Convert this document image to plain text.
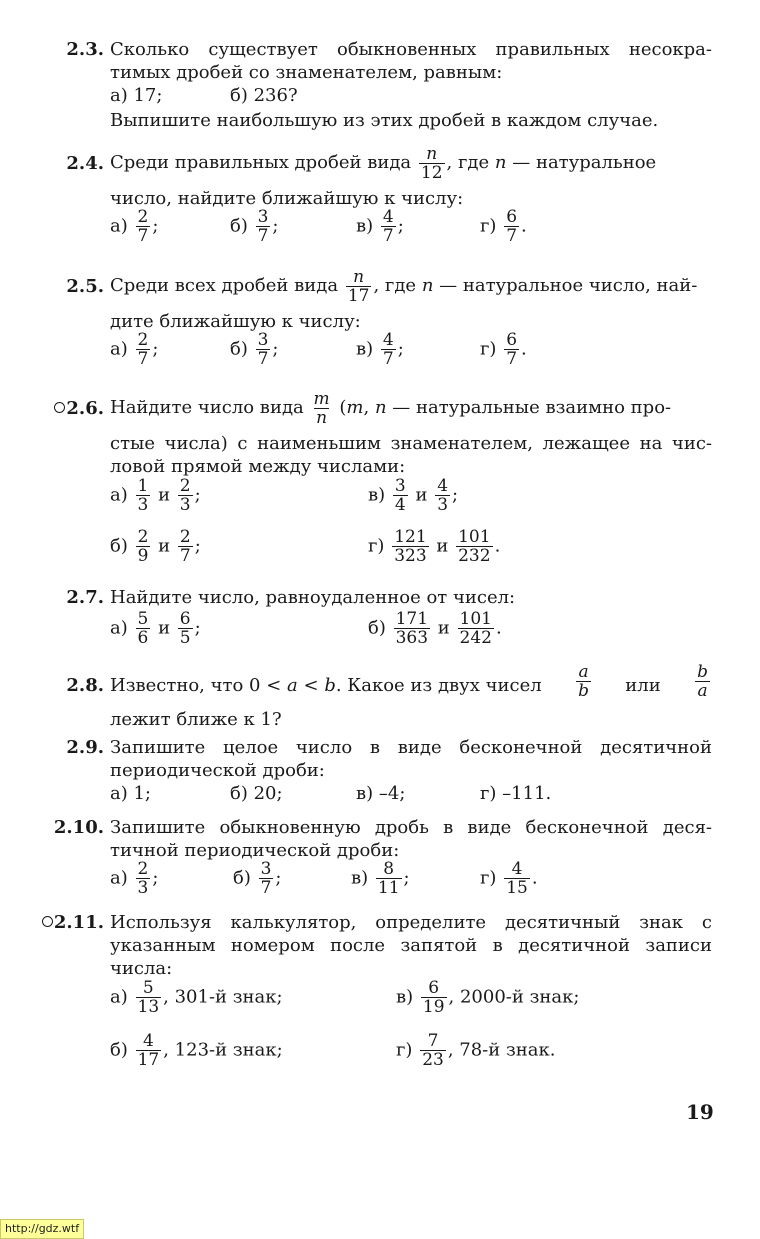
2.3. Сколько существует обыкновенных правильных несокра-
тимых дробей со знаменателем, равным:
а) 17;	б) 236?
Выпишите наибольшую из этих дробей в каждом случае.
2.4. Среди правильных дробей вида $\frac{n}{12}$ , где n — натуральное
число, найдите ближайшую к числу:
$а) \frac{2}{7}$ ;	$б) \frac{3}{7}$ ;	$в) \frac{4}{7}$ ;	$г) \frac{6}{7}$ .
2.5. Среди всех дробей вида $\frac{n}{17}$ , где n — натуральное число, най-
дите ближайшую к числу:
$а) \frac{2}{7}$ ;	$б) \frac{3}{7}$ ;	$в) \frac{4}{7}$ ;	$г) \frac{6}{7}$ .
2.6. Найдите число вида $\frac{m}{n} (m$, n — натуральные взаимно про-
стые числа) с наименьшим знаменателем, лежащее на чис-
ловой прямой между числами:
$а) \frac{1}{3}$ и $\frac{2}{3}$ ;	$в) \frac{3}{4}$ и $\frac{4}{3}$ ;
$б) \frac{2}{9}$ и $\frac{2}{7}$ ;	$г) \frac{121}{323}$ и $\frac{101}{232}$ .
2.7. Найдите число, равноудаленное от чисел:
$а) \frac{5}{6}$ и $\frac{6}{5}$ ;	$б) \frac{171}{363}$ и $\frac{101}{242}$ .
2.8. Известно, что 0 < a < b. Какое из двух чисел $\frac{a}{b}$ или $\frac{b}{a}$
лежит ближе к 1?
2.9. Запишите целое число в виде бесконечной десятичной
периодической дроби:
а) 1;	б) 20;	в) –4;	г) –111.
2.10. Запишите обыкновенную дробь в виде бесконечной деся-
тичной периодической дроби:
$а) \frac{2}{3}$ ;	$б) \frac{3}{7}$ ;	$в) \frac{8}{11}$ ;	$г) \frac{4}{15}$ .
2.11. Используя калькулятор, определите десятичный знак с
указанным номером после запятой в десятичной записи
числа:
$а) \frac{5}{13}$ , 301-й знак;	$в) \frac{6}{19}$ , 2000-й знак;
$б) \frac{4}{17}$ , 123-й знак;	$г) \frac{7}{23}$ , 78-й знак.
19
http://gdz.wtf
